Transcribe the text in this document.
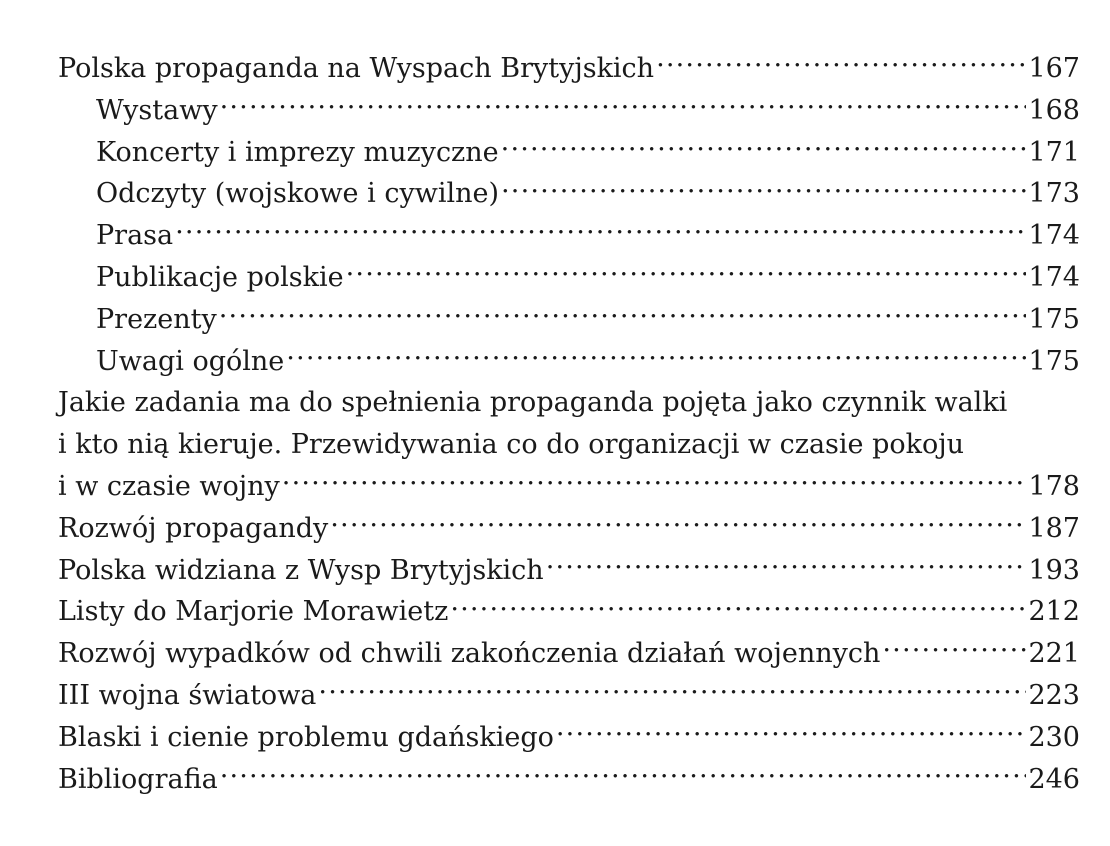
Polska propaganda na Wyspach Brytyjskich .....	167
Wystawy .....	168
Koncerty i imprezy muzyczne .....	171
Odczyty (wojskowe i cywilne) .....	173
Prasa .....	174
Publikacje polskie .....	174
Prezenty .....	175
Uwagi ogólne .....	175
Jakie zadania ma do spełnienia propaganda pojęta jako czynnik walki
i kto nią kieruje. Przewidywania co do organizacji w czasie pokoju
i w czasie wojny .....	178
Rozwój propagandy .....	187
Polska widziana z Wysp Brytyjskich .....	193
Listy do Marjorie Morawietz .....	212
Rozwój wypadków od chwili zakończenia działań wojennych .....	221
III wojna światowa .....	223
Blaski i cienie problemu gdańskiego .....	230
Bibliografia .....	246
